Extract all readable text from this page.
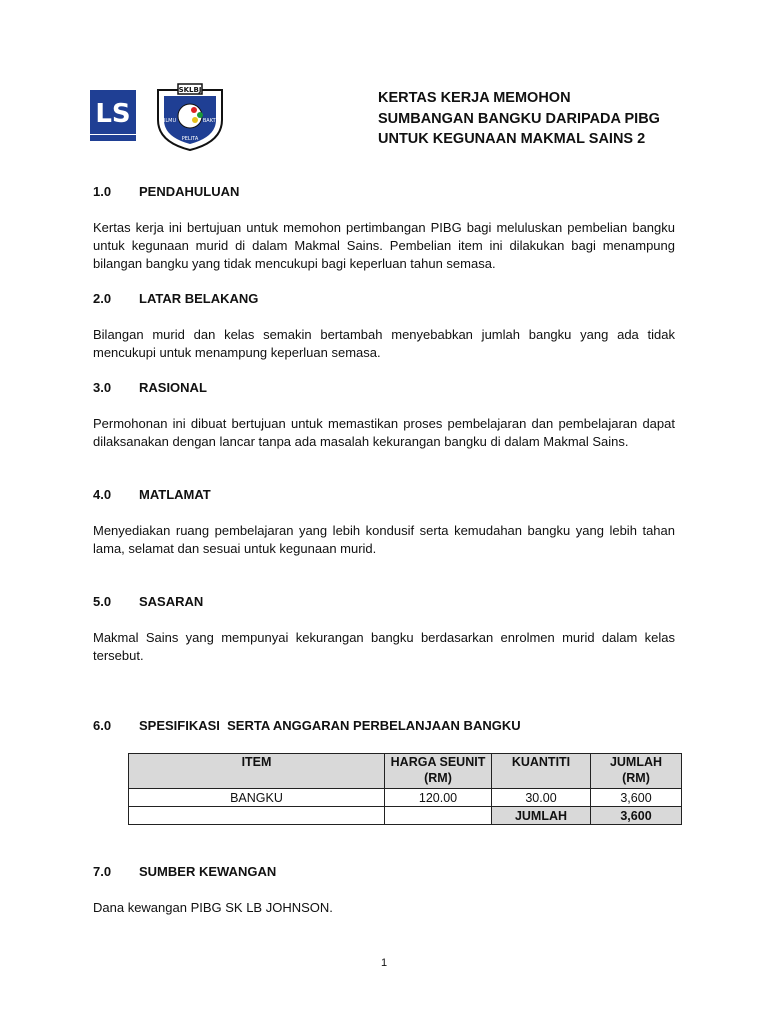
LS
SKLBJ
ILMU	BAKTI
PELITA
KERTAS KERJA MEMOHON
SUMBANGAN BANGKU DARIPADA PIBG
UNTUK KEGUNAAN MAKMAL SAINS 2
1.0 PENDAHULUAN
Kertas kerja ini bertujuan untuk memohon pertimbangan PIBG bagi meluluskan pembelian bangku untuk kegunaan murid di dalam Makmal Sains. Pembelian item ini dilakukan bagi menampung bilangan bangku yang tidak mencukupi bagi keperluan tahun semasa.
2.0 LATAR BELAKANG
Bilangan murid dan kelas semakin bertambah menyebabkan jumlah bangku yang ada tidak mencukupi untuk menampung keperluan semasa.
3.0 RASIONAL
Permohonan ini dibuat bertujuan untuk memastikan proses pembelajaran dan pembelajaran dapat dilaksanakan dengan lancar tanpa ada masalah kekurangan bangku di dalam Makmal Sains.
4.0 MATLAMAT
Menyediakan ruang pembelajaran yang lebih kondusif serta kemudahan bangku yang lebih tahan lama, selamat dan sesuai untuk kegunaan murid.
5.0 SASARAN
Makmal Sains yang mempunyai kekurangan bangku berdasarkan enrolmen murid dalam kelas tersebut.
6.0 SPESIFIKASI  SERTA ANGGARAN PERBELANJAAN BANGKU
ITEM	HARGA SEUNIT (RM)	KUANTITI	JUMLAH (RM)
BANGKU	120.00	30.00	3,600
		JUMLAH	3,600
7.0 SUMBER KEWANGAN
Dana kewangan PIBG SK LB JOHNSON.
1
